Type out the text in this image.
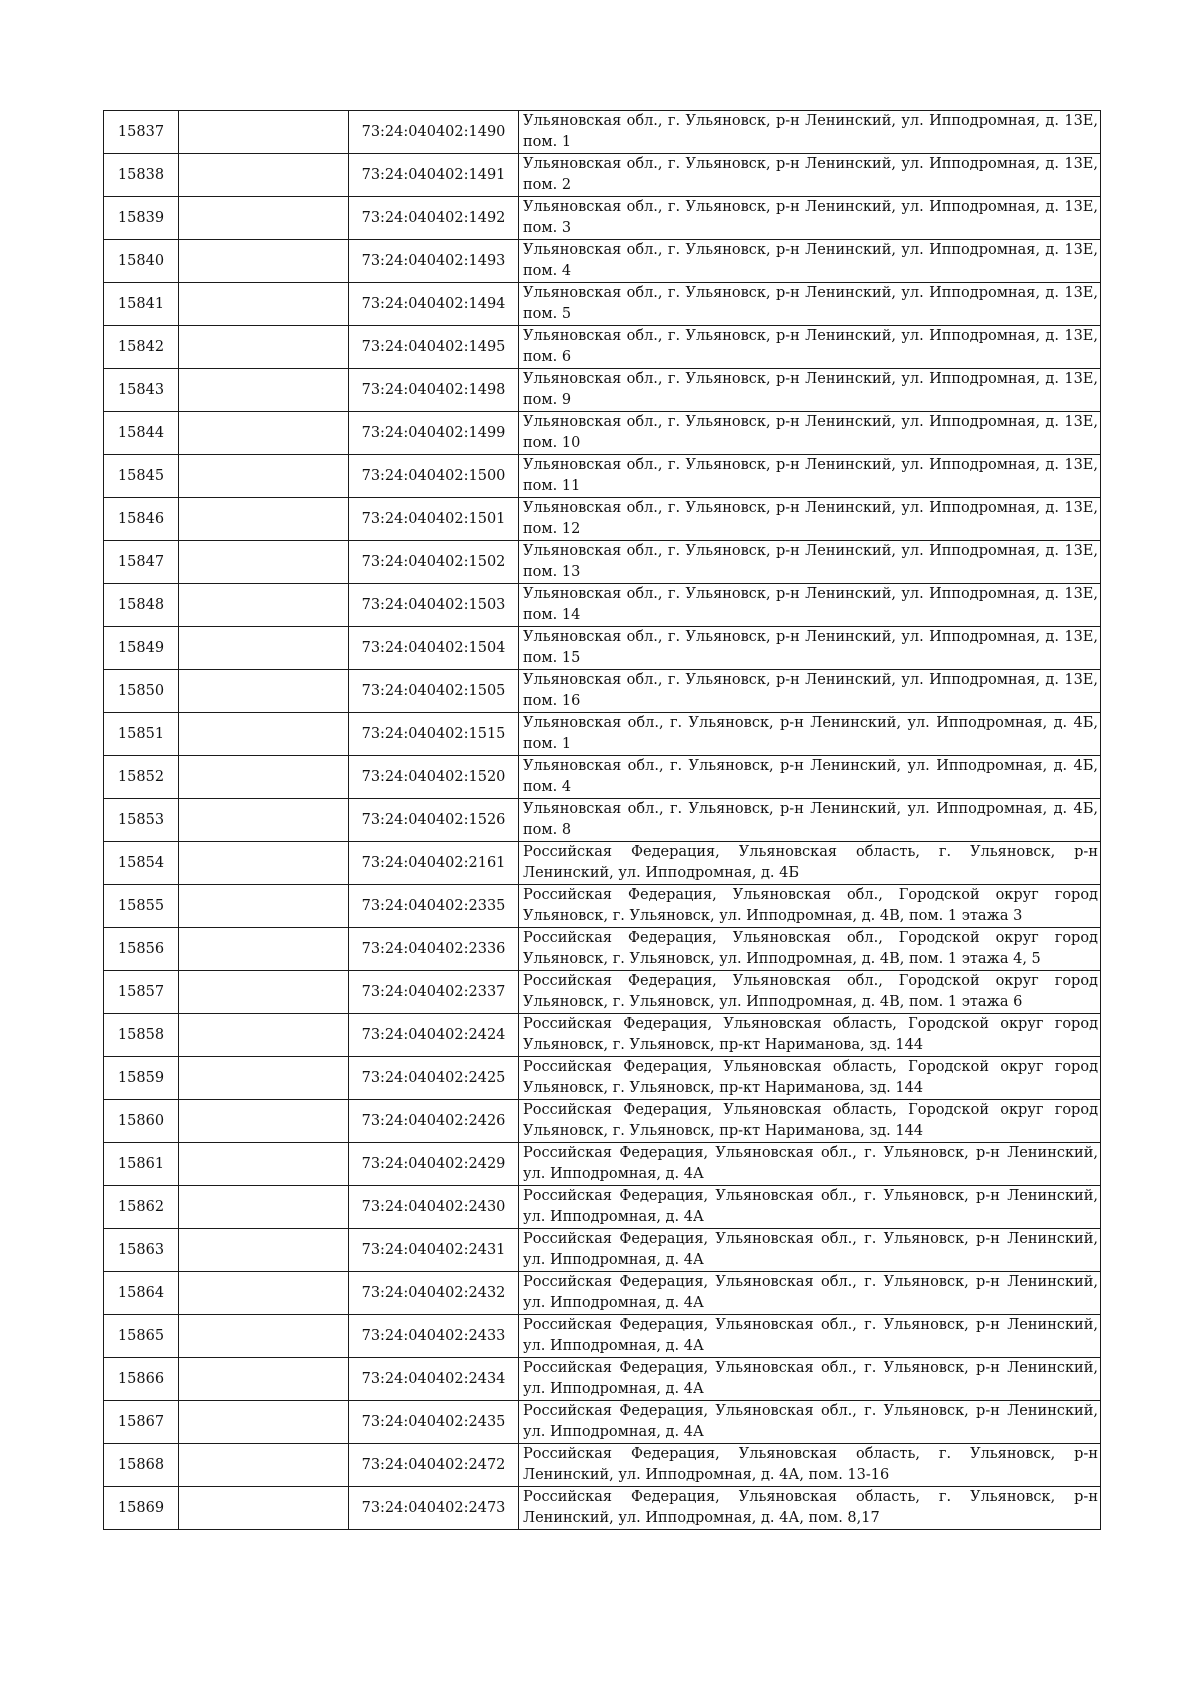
15837		73:24:040402:1490	Ульяновская обл., г. Ульяновск, р-н Ленинский, ул. Ипподромная, д. 13Е, пом. 1
15838		73:24:040402:1491	Ульяновская обл., г. Ульяновск, р-н Ленинский, ул. Ипподромная, д. 13Е, пом. 2
15839		73:24:040402:1492	Ульяновская обл., г. Ульяновск, р-н Ленинский, ул. Ипподромная, д. 13Е, пом. 3
15840		73:24:040402:1493	Ульяновская обл., г. Ульяновск, р-н Ленинский, ул. Ипподромная, д. 13Е, пом. 4
15841		73:24:040402:1494	Ульяновская обл., г. Ульяновск, р-н Ленинский, ул. Ипподромная, д. 13Е, пом. 5
15842		73:24:040402:1495	Ульяновская обл., г. Ульяновск, р-н Ленинский, ул. Ипподромная, д. 13Е, пом. 6
15843		73:24:040402:1498	Ульяновская обл., г. Ульяновск, р-н Ленинский, ул. Ипподромная, д. 13Е, пом. 9
15844		73:24:040402:1499	Ульяновская обл., г. Ульяновск, р-н Ленинский, ул. Ипподромная, д. 13Е, пом. 10
15845		73:24:040402:1500	Ульяновская обл., г. Ульяновск, р-н Ленинский, ул. Ипподромная, д. 13Е, пом. 11
15846		73:24:040402:1501	Ульяновская обл., г. Ульяновск, р-н Ленинский, ул. Ипподромная, д. 13Е, пом. 12
15847		73:24:040402:1502	Ульяновская обл., г. Ульяновск, р-н Ленинский, ул. Ипподромная, д. 13Е, пом. 13
15848		73:24:040402:1503	Ульяновская обл., г. Ульяновск, р-н Ленинский, ул. Ипподромная, д. 13Е, пом. 14
15849		73:24:040402:1504	Ульяновская обл., г. Ульяновск, р-н Ленинский, ул. Ипподромная, д. 13Е, пом. 15
15850		73:24:040402:1505	Ульяновская обл., г. Ульяновск, р-н Ленинский, ул. Ипподромная, д. 13Е, пом. 16
15851		73:24:040402:1515	Ульяновская обл., г. Ульяновск, р-н Ленинский, ул. Ипподромная, д. 4Б, пом. 1
15852		73:24:040402:1520	Ульяновская обл., г. Ульяновск, р-н Ленинский, ул. Ипподромная, д. 4Б, пом. 4
15853		73:24:040402:1526	Ульяновская обл., г. Ульяновск, р-н Ленинский, ул. Ипподромная, д. 4Б, пом. 8
15854		73:24:040402:2161	Российская Федерация, Ульяновская область, г. Ульяновск, р-н Ленинский, ул. Ипподромная, д. 4Б
15855		73:24:040402:2335	Российская Федерация, Ульяновская обл., Городской округ город Ульяновск, г. Ульяновск, ул. Ипподромная, д. 4В, пом. 1 этажа 3
15856		73:24:040402:2336	Российская Федерация, Ульяновская обл., Городской округ город Ульяновск, г. Ульяновск, ул. Ипподромная, д. 4В, пом. 1 этажа 4, 5
15857		73:24:040402:2337	Российская Федерация, Ульяновская обл., Городской округ город Ульяновск, г. Ульяновск, ул. Ипподромная, д. 4В, пом. 1 этажа 6
15858		73:24:040402:2424	Российская Федерация, Ульяновская область, Городской округ город Ульяновск, г. Ульяновск, пр-кт Нариманова, зд. 144
15859		73:24:040402:2425	Российская Федерация, Ульяновская область, Городской округ город Ульяновск, г. Ульяновск, пр-кт Нариманова, зд. 144
15860		73:24:040402:2426	Российская Федерация, Ульяновская область, Городской округ город Ульяновск, г. Ульяновск, пр-кт Нариманова, зд. 144
15861		73:24:040402:2429	Российская Федерация, Ульяновская обл., г. Ульяновск, р-н Ленинский, ул. Ипподромная, д. 4А
15862		73:24:040402:2430	Российская Федерация, Ульяновская обл., г. Ульяновск, р-н Ленинский, ул. Ипподромная, д. 4А
15863		73:24:040402:2431	Российская Федерация, Ульяновская обл., г. Ульяновск, р-н Ленинский, ул. Ипподромная, д. 4А
15864		73:24:040402:2432	Российская Федерация, Ульяновская обл., г. Ульяновск, р-н Ленинский, ул. Ипподромная, д. 4А
15865		73:24:040402:2433	Российская Федерация, Ульяновская обл., г. Ульяновск, р-н Ленинский, ул. Ипподромная, д. 4А
15866		73:24:040402:2434	Российская Федерация, Ульяновская обл., г. Ульяновск, р-н Ленинский, ул. Ипподромная, д. 4А
15867		73:24:040402:2435	Российская Федерация, Ульяновская обл., г. Ульяновск, р-н Ленинский, ул. Ипподромная, д. 4А
15868		73:24:040402:2472	Российская Федерация, Ульяновская область, г. Ульяновск, р-н Ленинский, ул. Ипподромная, д. 4А, пом. 13-16
15869		73:24:040402:2473	Российская Федерация, Ульяновская область, г. Ульяновск, р-н Ленинский, ул. Ипподромная, д. 4А, пом. 8,17
